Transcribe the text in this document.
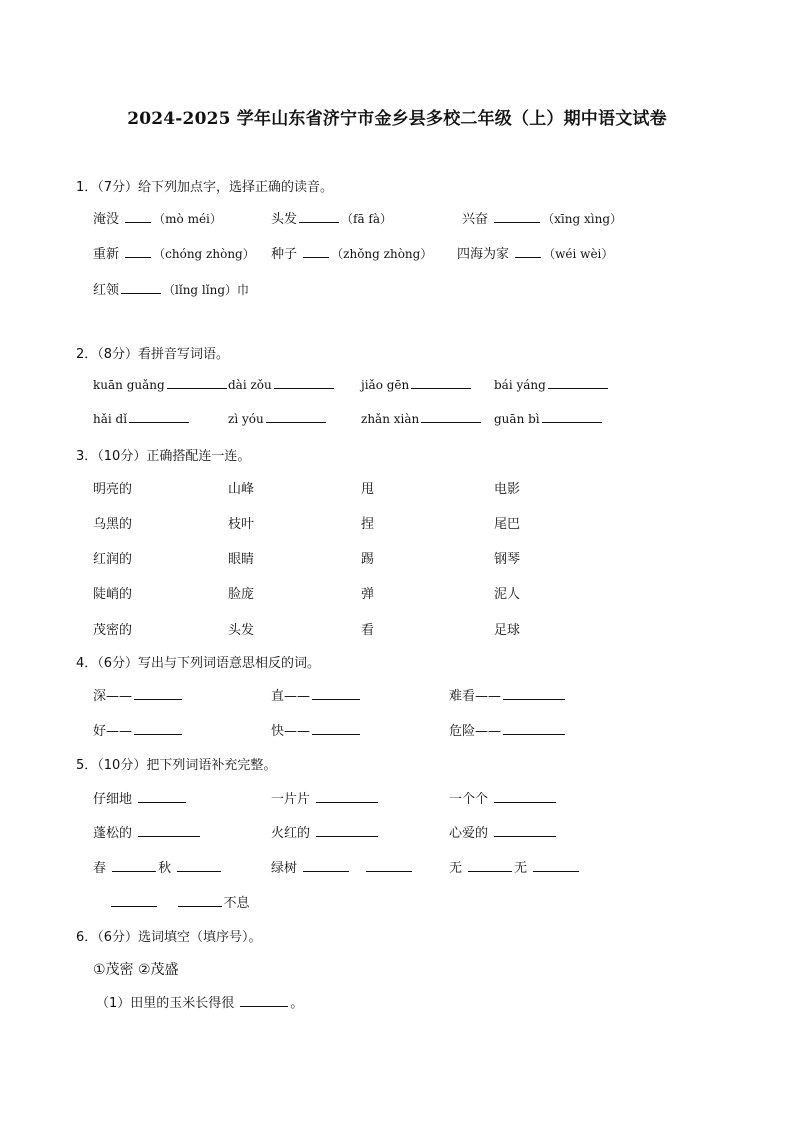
2024-2025 学年山东省济宁市金乡县多校二年级（上）期中语文试卷
1．（7分）给下列加点字，选择正确的读音。
淹没	（mò méi）	头发	（fā fà）	兴奋	（xīng xìng）
重新	（chóng zhòng） 种子	（zhǒng zhòng） 四海为家	（wéi wèi）
红领	（lǐng lǐng）巾
2．（8分）看拼音写词语。
kuān guǎng	dài zǒu	jiǎo gēn	bái yáng
hǎi dǐ	zì yóu	zhǎn xiàn	guān bì
3．（10分）正确搭配连一连。
明亮的	山峰	甩	电影
乌黑的	枝叶	捏	尾巴
红润的	眼睛	踢	钢琴
陡峭的	脸庞	弹	泥人
茂密的	头发	看	足球
4．（6分）写出与下列词语意思相反的词。
深——	直——	难看——
好——	快——	危险——
5．（10分）把下列词语补充完整。
仔细地	一片片	一个个
蓬松的	火红的	心爱的
春	秋	绿树	无	无
不息
6．（6分）选词填空（填序号）。
①茂密 ②茂盛
（1）田里的玉米长得很	。
